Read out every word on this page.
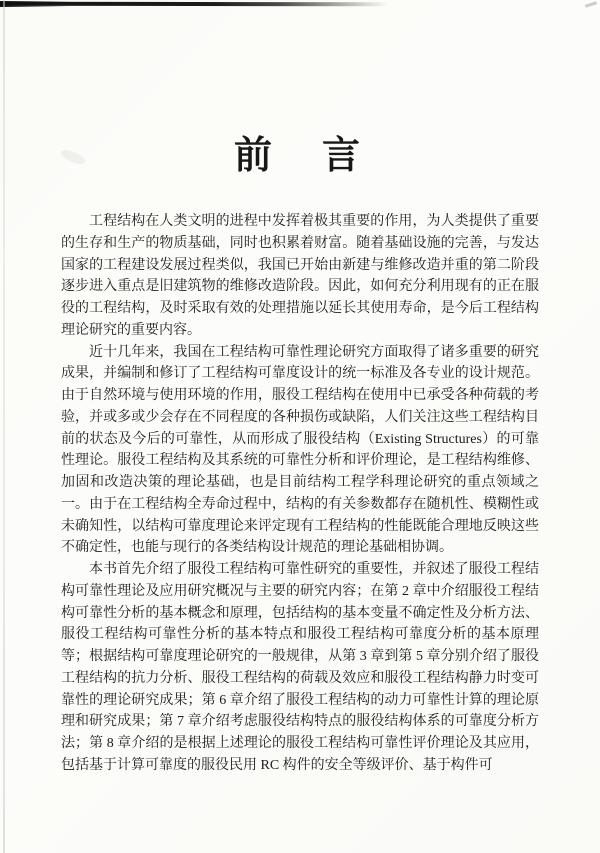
前　言

工程结构在人类文明的进程中发挥着极其重要的作用，为人类提供了重要的生存和生产的物质基础，同时也积累着财富。随着基础设施的完善，与发达国家的工程建设发展过程类似，我国已开始由新建与维修改造并重的第二阶段逐步进入重点是旧建筑物的维修改造阶段。因此，如何充分利用现有的正在服役的工程结构，及时采取有效的处理措施以延长其使用寿命，是今后工程结构理论研究的重要内容。

近十几年来，我国在工程结构可靠性理论研究方面取得了诸多重要的研究成果，并编制和修订了工程结构可靠度设计的统一标准及各专业的设计规范。由于自然环境与使用环境的作用，服役工程结构在使用中已承受各种荷载的考验，并或多或少会存在不同程度的各种损伤或缺陷，人们关注这些工程结构目前的状态及今后的可靠性，从而形成了服役结构（Existing Structures）的可靠性理论。服役工程结构及其系统的可靠性分析和评价理论，是工程结构维修、加固和改造决策的理论基础，也是目前结构工程学科理论研究的重点领域之一。由于在工程结构全寿命过程中，结构的有关参数都存在随机性、模糊性或未确知性，以结构可靠度理论来评定现有工程结构的性能既能合理地反映这些不确定性，也能与现行的各类结构设计规范的理论基础相协调。

本书首先介绍了服役工程结构可靠性研究的重要性，并叙述了服役工程结构可靠性理论及应用研究概况与主要的研究内容；在第 2 章中介绍服役工程结构可靠性分析的基本概念和原理，包括结构的基本变量不确定性及分析方法、服役工程结构可靠性分析的基本特点和服役工程结构可靠度分析的基本原理等；根据结构可靠度理论研究的一般规律，从第 3 章到第 5 章分别介绍了服役工程结构的抗力分析、服役工程结构的荷载及效应和服役工程结构静力时变可靠性的理论研究成果；第 6 章介绍了服役工程结构的动力可靠性计算的理论原理和研究成果；第 7 章介绍考虑服役结构特点的服役结构体系的可靠度分析方法；第 8 章介绍的是根据上述理论的服役工程结构可靠性评价理论及其应用，包括基于计算可靠度的服役民用 RC 构件的安全等级评价、基于构件可
